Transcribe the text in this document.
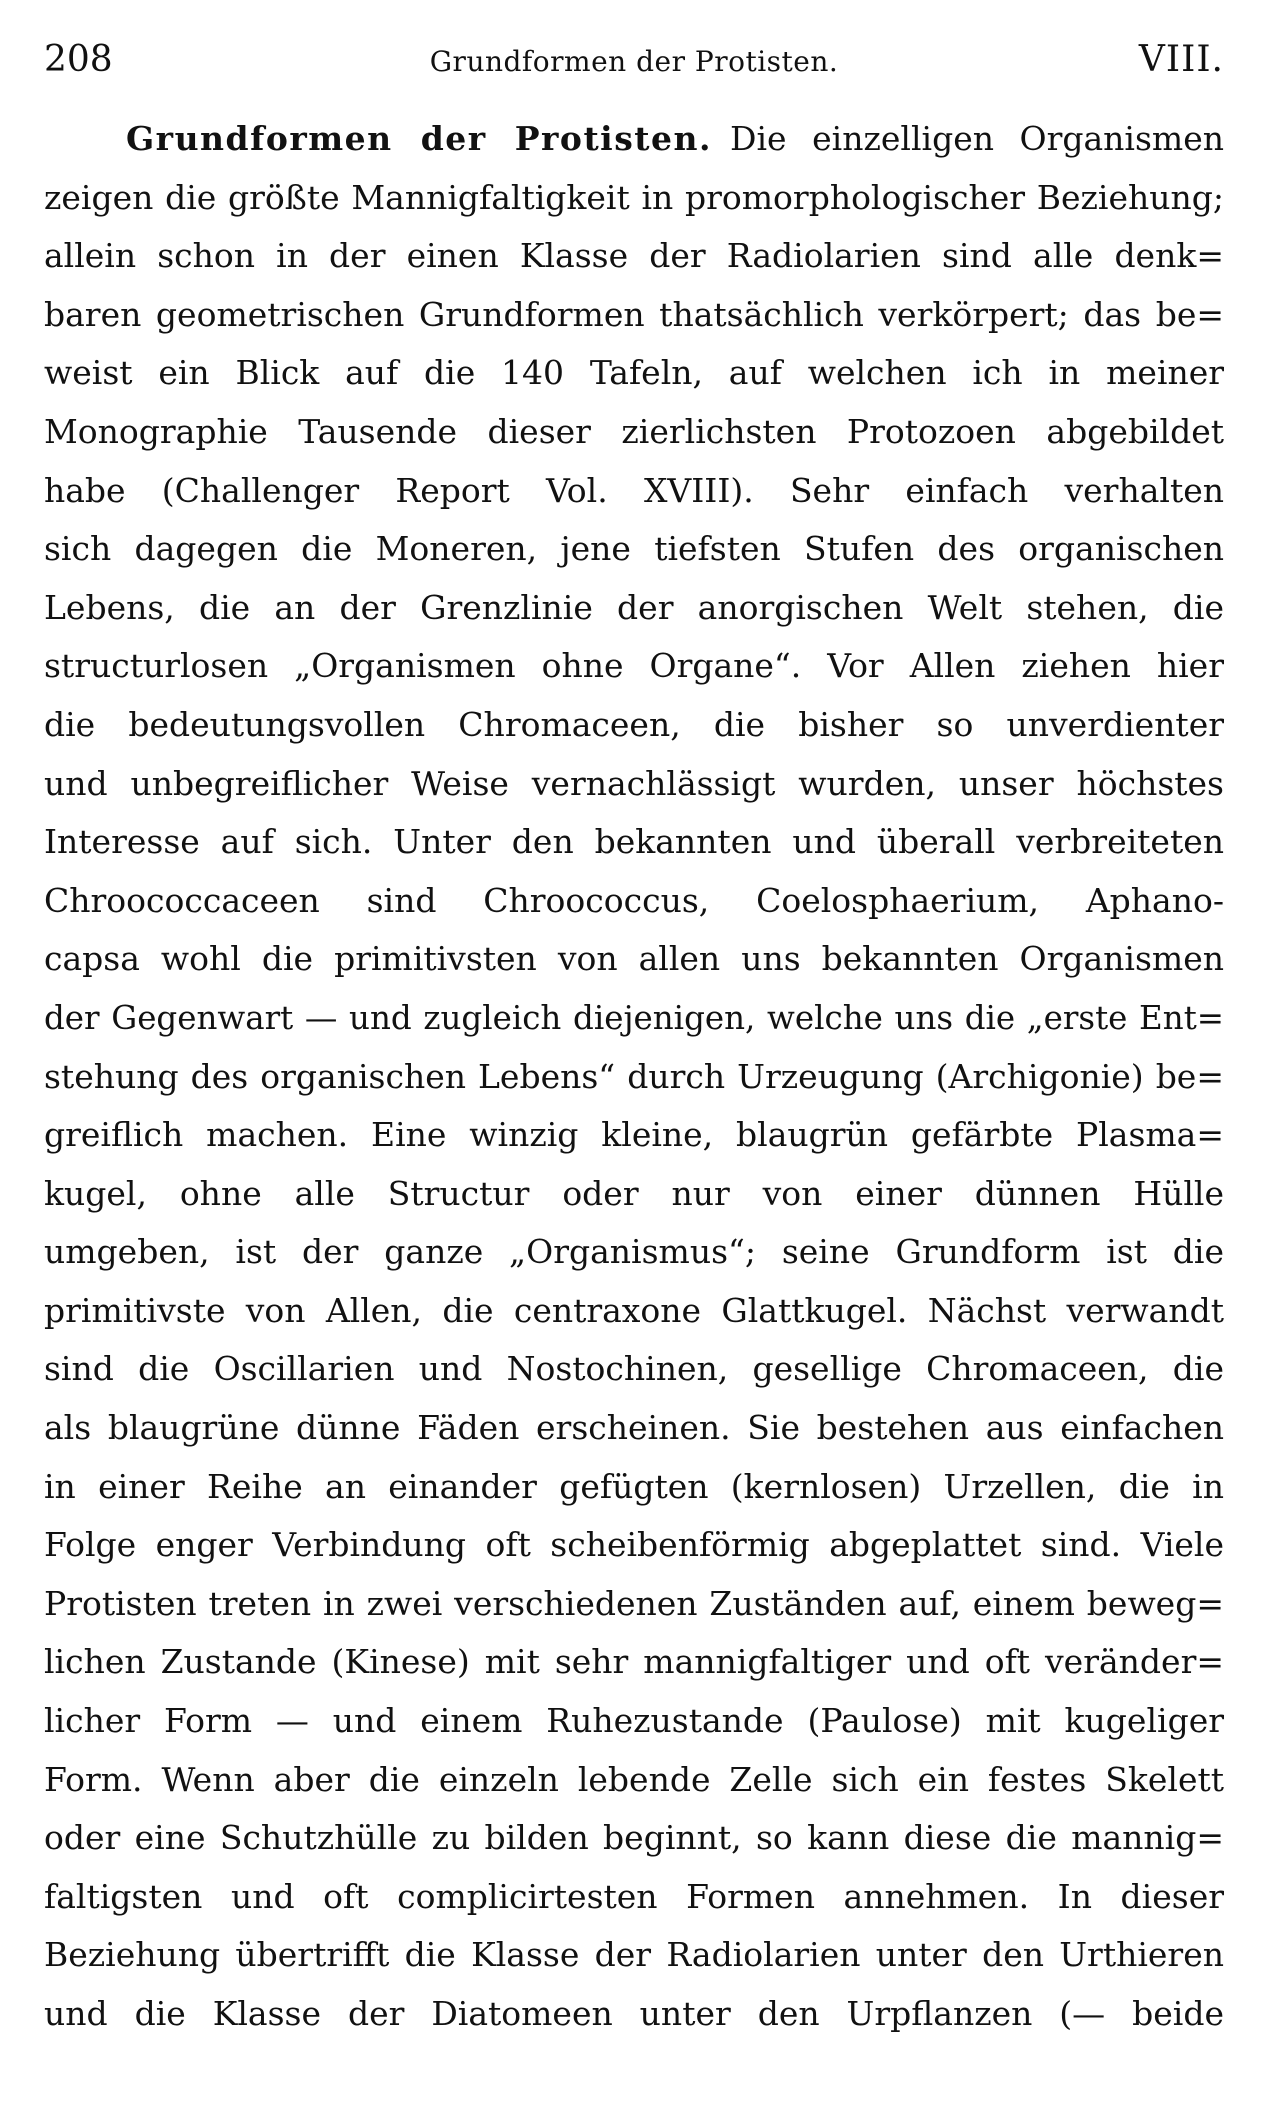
208	Grundformen der Protisten.	VIII.
Grundformen der Protisten. Die einzelligen Organismen
zeigen die größte Mannigfaltigkeit in promorphologischer Beziehung;
allein schon in der einen Klasse der Radiolarien sind alle denk=
baren geometrischen Grundformen thatsächlich verkörpert; das be=
weist ein Blick auf die 140 Tafeln, auf welchen ich in meiner
Monographie Tausende dieser zierlichsten Protozoen abgebildet
habe (Challenger Report Vol. XVIII). Sehr einfach verhalten
sich dagegen die Moneren, jene tiefsten Stufen des organischen
Lebens, die an der Grenzlinie der anorgischen Welt stehen, die
structurlosen „Organismen ohne Organe“. Vor Allen ziehen hier
die bedeutungsvollen Chromaceen, die bisher so unverdienter
und unbegreiflicher Weise vernachlässigt wurden, unser höchstes
Interesse auf sich. Unter den bekannten und überall verbreiteten
Chroococcaceen sind Chroococcus, Coelosphaerium, Aphano-
capsa wohl die primitivsten von allen uns bekannten Organismen
der Gegenwart — und zugleich diejenigen, welche uns die „erste Ent=
stehung des organischen Lebens“ durch Urzeugung (Archigonie) be=
greiflich machen. Eine winzig kleine, blaugrün gefärbte Plasma=
kugel, ohne alle Structur oder nur von einer dünnen Hülle
umgeben, ist der ganze „Organismus“; seine Grundform ist die
primitivste von Allen, die centraxone Glattkugel. Nächst verwandt
sind die Oscillarien und Nostochinen, gesellige Chromaceen, die
als blaugrüne dünne Fäden erscheinen. Sie bestehen aus einfachen
in einer Reihe an einander gefügten (kernlosen) Urzellen, die in
Folge enger Verbindung oft scheibenförmig abgeplattet sind. Viele
Protisten treten in zwei verschiedenen Zuständen auf, einem beweg=
lichen Zustande (Kinese) mit sehr mannigfaltiger und oft veränder=
licher Form — und einem Ruhezustande (Paulose) mit kugeliger
Form. Wenn aber die einzeln lebende Zelle sich ein festes Skelett
oder eine Schutzhülle zu bilden beginnt, so kann diese die mannig=
faltigsten und oft complicirtesten Formen annehmen. In dieser
Beziehung übertrifft die Klasse der Radiolarien unter den Urthieren
und die Klasse der Diatomeen unter den Urpflanzen (— beide
